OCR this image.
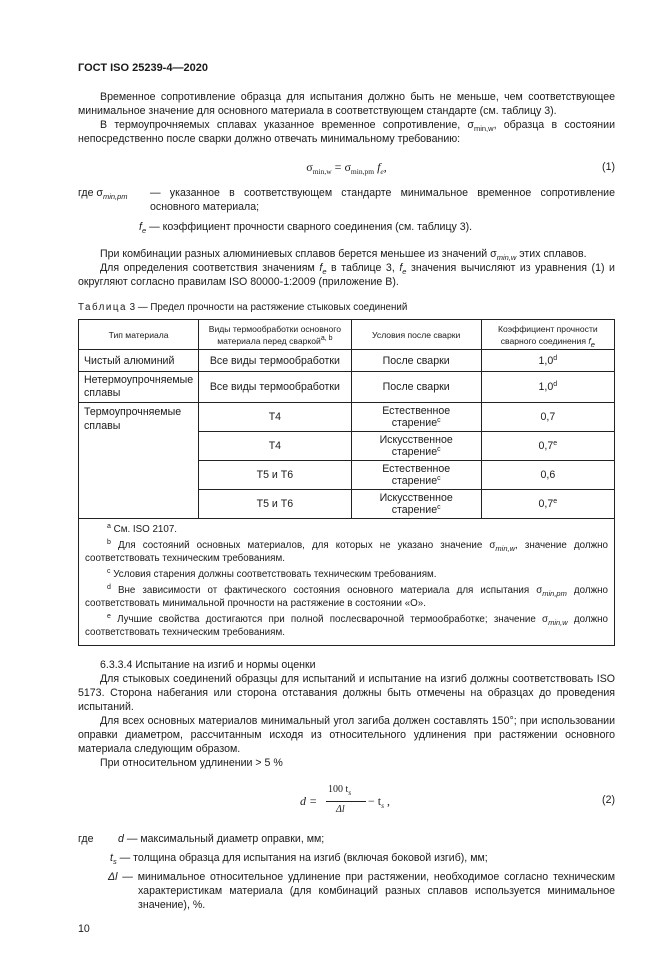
ГОСТ ISO 25239-4—2020
Временное сопротивление образца для испытания должно быть не меньше, чем соответствующее минимальное значение для основного материала в соответствующем стандарте (см. таблицу 3).
В термоупрочняемых сплавах указанное временное сопротивление, $\sigma_{min,w}$, образца в состоянии непосредственно после сварки должно отвечать минимальному требованию:
$\sigma_{min,w} = \sigma_{min,pm}$ $f_e$,	(1)
где $\sigma_{min,pm}$	— указанное в соответствующем стандарте минимальное временное сопротивление основного материала;
$f_e$ — коэффициент прочности сварного соединения (см. таблицу 3).
При комбинации разных алюминиевых сплавов берется меньшее из значений $\sigma_{min,w}$ этих сплавов.
Для определения соответствия значениям $f_e$ в таблице 3, $f_e$ значения вычисляют из уравнения (1) и округляют согласно правилам ISO 80000-1:2009 (приложение В).
Таблица 3 — Предел прочности на растяжение стыковых соединений
Тип материала	Виды термообработки основного материала перед сваркой$^{a, b}$	Условия после сварки	Коэффициент прочности сварного соединения $f_e$
Чистый алюминий	Все виды термообработки	После сварки	1,0$^d$
Нетермоупрочняемые сплавы	Все виды термообработки	После сварки	1,0$^d$
Термоупрочняемые сплавы	Т4	Естественное старение$^c$	0,7
	Т4	Искусственное старение$^c$	0,7e
	Т5 и Т6	Естественное старение$^c$	0,6
	Т5 и Т6	Искусственное старение$^c$	0,7e

$^a$ См. ISO 2107.
$^b$ Для состояний основных материалов, для которых не указано значение $\sigma_{min,w}$, значение должно соответствовать техническим требованиям.
$^c$ Условия старения должны соответствовать техническим требованиям.
$^d$ Вне зависимости от фактического состояния основного материала для испытания $\sigma_{min,pm}$ должно соответствовать минимальной прочности на растяжение в состоянии «О».
$^e$ Лучшие свойства достигаются при полной послесварочной термообработке; значение $\sigma_{min,w}$ должно соответствовать техническим требованиям.			
6.3.3.4 Испытание на изгиб и нормы оценки
Для стыковых соединений образцы для испытаний и испытание на изгиб должны соответствовать ISO 5173. Сторона набегания или сторона отставания должны быть отмечены на образцах до проведения испытаний.
Для всех основных материалов минимальный угол загиба должен составлять 150°; при использовании оправки диаметром, рассчитанным исходя из относительного удлинения при растяжении основного материала следующим образом.
При относительном удлинении > 5 %
d =
100 $t_s$
Δl
− $t_s$ ,	(2)
где	d — максимальный диаметр оправки, мм;
$t_s$ — толщина образца для испытания на изгиб (включая боковой изгиб), мм;
Δl — минимальное относительное удлинение при растяжении, необходимое согласно техническим характеристикам материала (для комбинаций разных сплавов используется минимальное значение), %.
10
